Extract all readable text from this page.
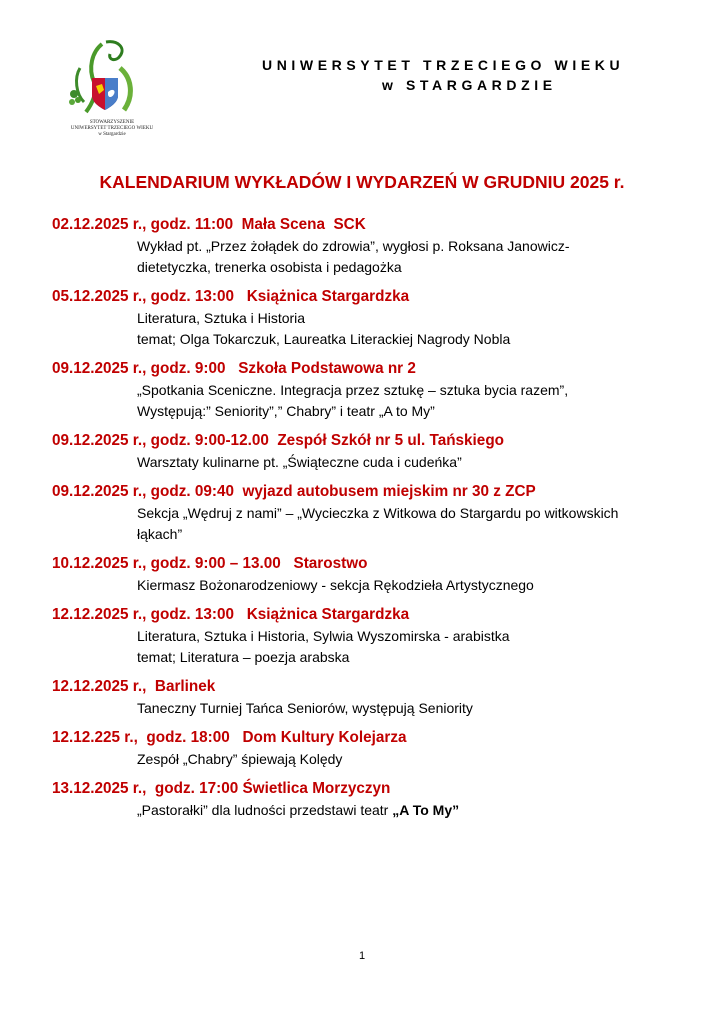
STOWARZYSZENIE
UNIWERSYTET TRZECIEGO WIEKU
w Stargardzie
UNIWERSYTET TRZECIEGO WIEKU
w STARGARDZIE
KALENDARIUM WYKŁADÓW I WYDARZEŃ W GRUDNIU 2025 r.
02.12.2025 r., godz. 11:00  Mała Scena  SCK
Wykład pt. „Przez żołądek do zdrowia”, wygłosi p. Roksana Janowicz-
dietetyczka, trenerka osobista i pedagożka
05.12.2025 r., godz. 13:00   Książnica Stargardzka
Literatura, Sztuka i Historia
temat; Olga Tokarczuk, Laureatka Literackiej Nagrody Nobla
09.12.2025 r., godz. 9:00   Szkoła Podstawowa nr 2
„Spotkania Sceniczne. Integracja przez sztukę – sztuka bycia razem”,
Występują:” Seniority”,” Chabry” i teatr „A to My”
09.12.2025 r., godz. 9:00-12.00  Zespół Szkół nr 5 ul. Tańskiego
Warsztaty kulinarne pt. „Świąteczne cuda i cudeńka”
09.12.2025 r., godz. 09:40  wyjazd autobusem miejskim nr 30 z ZCP
Sekcja „Wędruj z nami” – „Wycieczka z Witkowa do Stargardu po witkowskich
łąkach”
10.12.2025 r., godz. 9:00 – 13.00   Starostwo
Kiermasz Bożonarodzeniowy - sekcja Rękodzieła Artystycznego
12.12.2025 r., godz. 13:00   Książnica Stargardzka
Literatura, Sztuka i Historia, Sylwia Wyszomirska - arabistka
temat; Literatura – poezja arabska
12.12.2025 r.,  Barlinek
Taneczny Turniej Tańca Seniorów, występują Seniority
12.12.225 r.,  godz. 18:00   Dom Kultury Kolejarza
Zespół „Chabry” śpiewają Kolędy
13.12.2025 r.,  godz. 17:00 Świetlica Morzyczyn
„Pastorałki” dla ludności przedstawi teatr „A To My”
1
